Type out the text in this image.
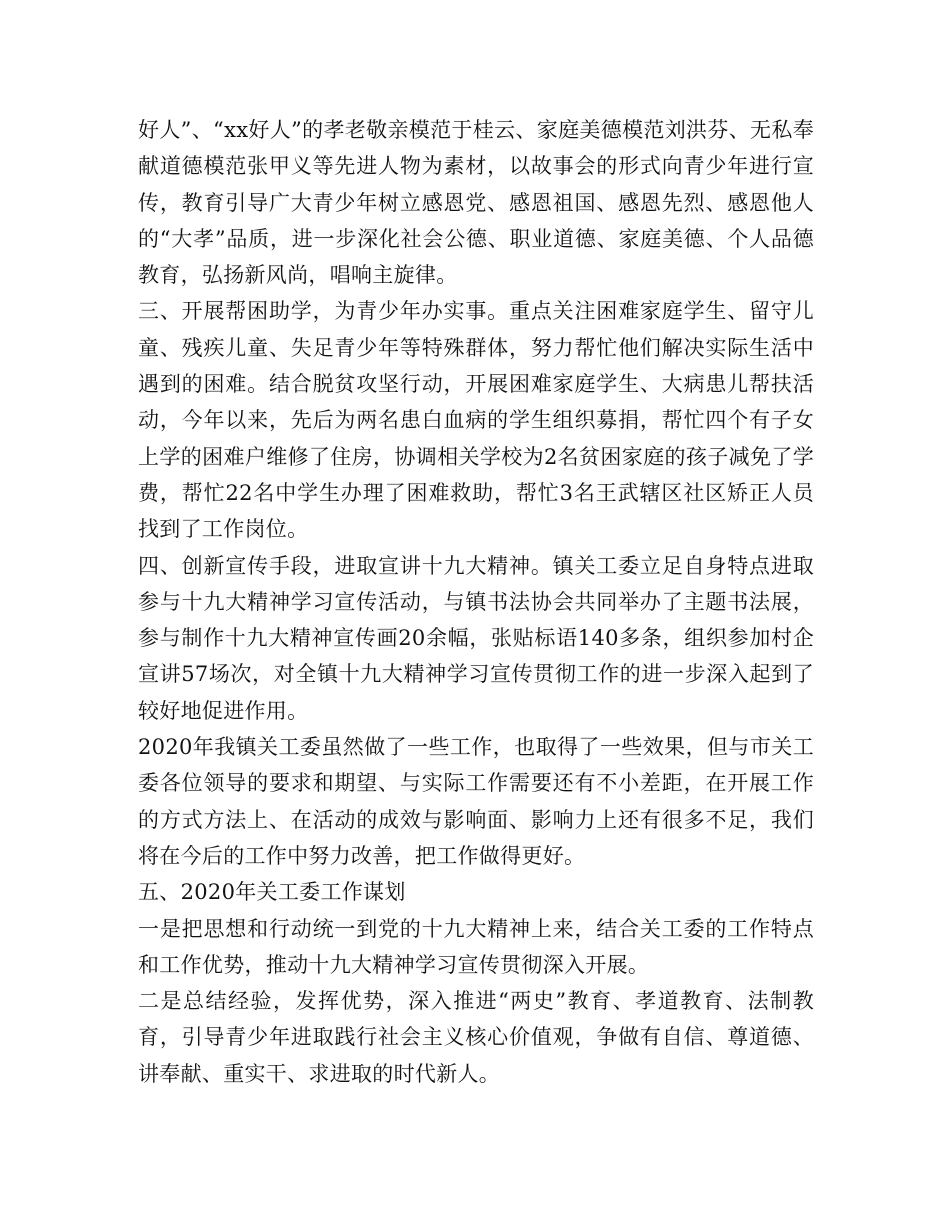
好人”、“xx好人”的孝老敬亲模范于桂云、家庭美德模范刘洪芬、无私奉献道德模范张甲义等先进人物为素材，以故事会的形式向青少年进行宣传，教育引导广大青少年树立感恩党、感恩祖国、感恩先烈、感恩他人的“大孝”品质，进一步深化社会公德、职业道德、家庭美德、个人品德教育，弘扬新风尚，唱响主旋律。

三、开展帮困助学，为青少年办实事。重点关注困难家庭学生、留守儿童、残疾儿童、失足青少年等特殊群体，努力帮忙他们解决实际生活中遇到的困难。结合脱贫攻坚行动，开展困难家庭学生、大病患儿帮扶活动，今年以来，先后为两名患白血病的学生组织募捐，帮忙四个有子女上学的困难户维修了住房，协调相关学校为2名贫困家庭的孩子减免了学费，帮忙22名中学生办理了困难救助，帮忙3名王武辖区社区矫正人员找到了工作岗位。

四、创新宣传手段，进取宣讲十九大精神。镇关工委立足自身特点进取参与十九大精神学习宣传活动，与镇书法协会共同举办了主题书法展，参与制作十九大精神宣传画20余幅，张贴标语140多条，组织参加村企宣讲57场次，对全镇十九大精神学习宣传贯彻工作的进一步深入起到了较好地促进作用。

2020年我镇关工委虽然做了一些工作，也取得了一些效果，但与市关工委各位领导的要求和期望、与实际工作需要还有不小差距，在开展工作的方式方法上、在活动的成效与影响面、影响力上还有很多不足，我们将在今后的工作中努力改善，把工作做得更好。

五、2020年关工委工作谋划

一是把思想和行动统一到党的十九大精神上来，结合关工委的工作特点和工作优势，推动十九大精神学习宣传贯彻深入开展。

二是总结经验，发挥优势，深入推进“两史”教育、孝道教育、法制教育，引导青少年进取践行社会主义核心价值观，争做有自信、尊道德、讲奉献、重实干、求进取的时代新人。
